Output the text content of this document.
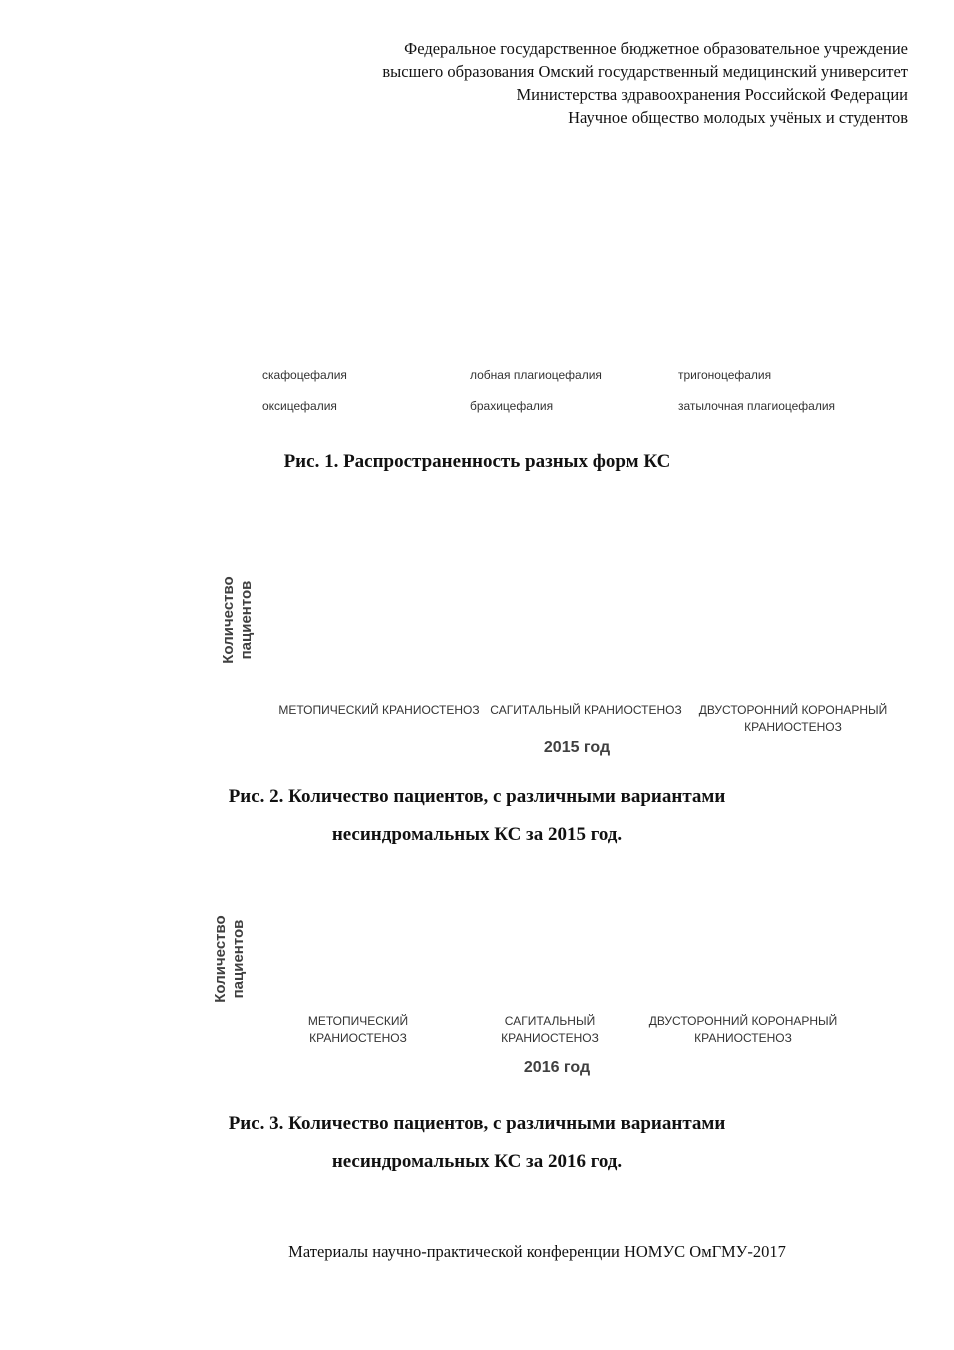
Федеральное государственное бюджетное образовательное учреждение
высшего образования Омский государственный медицинский университет
Министерства здравоохранения Российской Федерации
Научное общество молодых учёных и студентов
скафоцефалия	лобная плагиоцефалия	тригоноцефалия
оксицефалия	брахицефалия	затылочная плагиоцефалия
Рис. 1. Распространенность разных форм КС
Количество пациентов
МЕТОПИЧЕСКИЙ КРАНИОСТЕНОЗ САГИТАЛЬНЫЙ КРАНИОСТЕНОЗ	ДВУСТОРОННИЙ КОРОНАРНЫЙ КРАНИОСТЕНОЗ
2015 год
Рис. 2. Количество пациентов, с различными вариантами
несиндромальных КС за 2015 год.
Количество пациентов
МЕТОПИЧЕСКИЙ КРАНИОСТЕНОЗ
САГИТАЛЬНЫЙ КРАНИОСТЕНОЗ
ДВУСТОРОННИЙ КОРОНАРНЫЙ КРАНИОСТЕНОЗ
2016 год
Рис. 3. Количество пациентов, с различными вариантами
несиндромальных КС за 2016 год.
Материалы научно-практической конференции НОМУС ОмГМУ-2017
